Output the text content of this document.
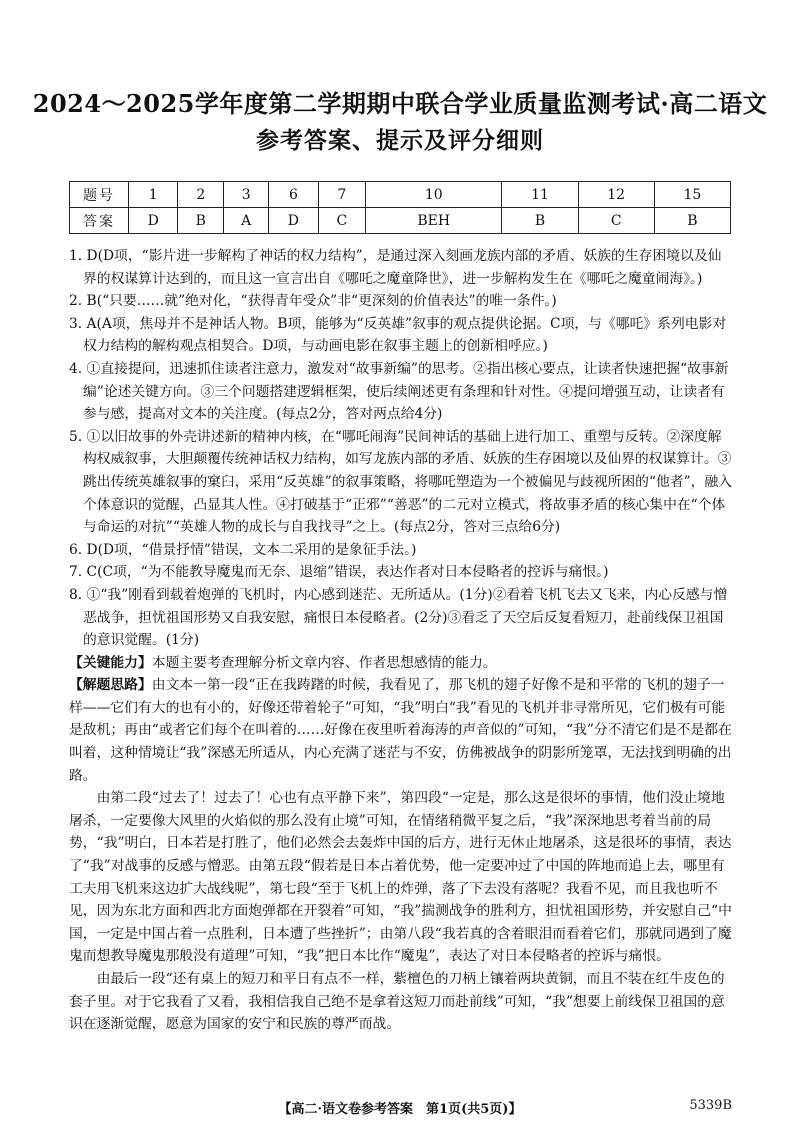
2024～2025学年度第二学期期中联合学业质量监测考试·高二语文
参考答案、提示及评分细则
题号	1	2	3	6	7	10	11	12	15
答案	D	B	A	D	C	BEH	B	C	B

1. D(D项，“影片进一步解构了神话的权力结构”，是通过深入刻画龙族内部的矛盾、妖族的生存困境以及仙界的权谋算计达到的，而且这一宣言出自《哪吒之魔童降世》，进一步解构发生在《哪吒之魔童闹海》。)

2. B(“只要……就”绝对化，“获得青年受众”非“更深刻的价值表达”的唯一条件。)

3. A(A项，焦母并不是神话人物。B项，能够为“反英雄”叙事的观点提供论据。C项，与《哪吒》系列电影对权力结构的解构观点相契合。D项，与动画电影在叙事主题上的创新相呼应。)

4. ①直接提问，迅速抓住读者注意力，激发对“故事新编”的思考。②指出核心要点，让读者快速把握“故事新编”论述关键方向。③三个问题搭建逻辑框架，使后续阐述更有条理和针对性。④提问增强互动，让读者有参与感，提高对文本的关注度。(每点2分，答对两点给4分)

5. ①以旧故事的外壳讲述新的精神内核，在“哪吒闹海”民间神话的基础上进行加工、重塑与反转。②深度解构权威叙事，大胆颠覆传统神话权力结构，如写龙族内部的矛盾、妖族的生存困境以及仙界的权谋算计。③跳出传统英雄叙事的窠臼，采用“反英雄”的叙事策略，将哪吒塑造为一个被偏见与歧视所困的“他者”，融入个体意识的觉醒，凸显其人性。④打破基于“正邪”“善恶”的二元对立模式，将故事矛盾的核心集中在“个体与命运的对抗”“英雄人物的成长与自我找寻”之上。(每点2分，答对三点给6分)

6. D(D项，“借景抒情”错误，文本二采用的是象征手法。)

7. C(C项，“为不能教导魔鬼而无奈、退缩”错误，表达作者对日本侵略者的控诉与痛恨。)

8. ①“我”刚看到载着炮弹的飞机时，内心感到迷茫、无所适从。(1分)②看着飞机飞去又飞来，内心反感与憎恶战争，担忧祖国形势又自我安慰，痛恨日本侵略者。(2分)③看乏了天空后反复看短刀，赴前线保卫祖国的意识觉醒。(1分)

【关键能力】本题主要考查理解分析文章内容、作者思想感情的能力。

【解题思路】由文本一第一段“正在我踌躇的时候，我看见了，那飞机的翅子好像不是和平常的飞机的翅子一样——它们有大的也有小的，好像还带着轮子”可知，“我”明白“我”看见的飞机并非寻常所见，它们极有可能是敌机；再由“或者它们每个在叫着的……好像在夜里听着海涛的声音似的”可知，“我”分不清它们是不是都在叫着，这种情境让“我”深感无所适从，内心充满了迷茫与不安，仿佛被战争的阴影所笼罩，无法找到明确的出路。

由第二段“过去了！过去了！心也有点平静下来”，第四段“一定是，那么这是很坏的事情，他们没止境地屠杀，一定要像大风里的火焰似的那么没有止境”可知，在情绪稍微平复之后，“我”深深地思考着当前的局势，“我”明白，日本若是打胜了，他们必然会去轰炸中国的后方，进行无休止地屠杀，这是很坏的事情，表达了“我”对战事的反感与憎恶。由第五段“假若是日本占着优势，他一定要冲过了中国的阵地而追上去，哪里有工夫用飞机来这边扩大战线呢”，第七段“至于飞机上的炸弹，落了下去没有落呢？我看不见，而且我也听不见，因为东北方面和西北方面炮弹都在开裂着”可知，“我”揣测战争的胜利方，担忧祖国形势，并安慰自己“中国，一定是中国占着一点胜利，日本遭了些挫折”；由第八段“我若真的含着眼泪而看着它们，那就同遇到了魔鬼而想教导魔鬼那般没有道理”可知，“我”把日本比作“魔鬼”，表达了对日本侵略者的控诉与痛恨。

由最后一段“还有桌上的短刀和平日有点不一样，紫檀色的刀柄上镶着两块黄铜，而且不装在红牛皮色的套子里。对于它我看了又看，我相信我自己绝不是拿着这短刀而赴前线”可知，“我”想要上前线保卫祖国的意识在逐渐觉醒，愿意为国家的安宁和民族的尊严而战。

【高二·语文卷参考答案　第1页(共5页)】	5339B
